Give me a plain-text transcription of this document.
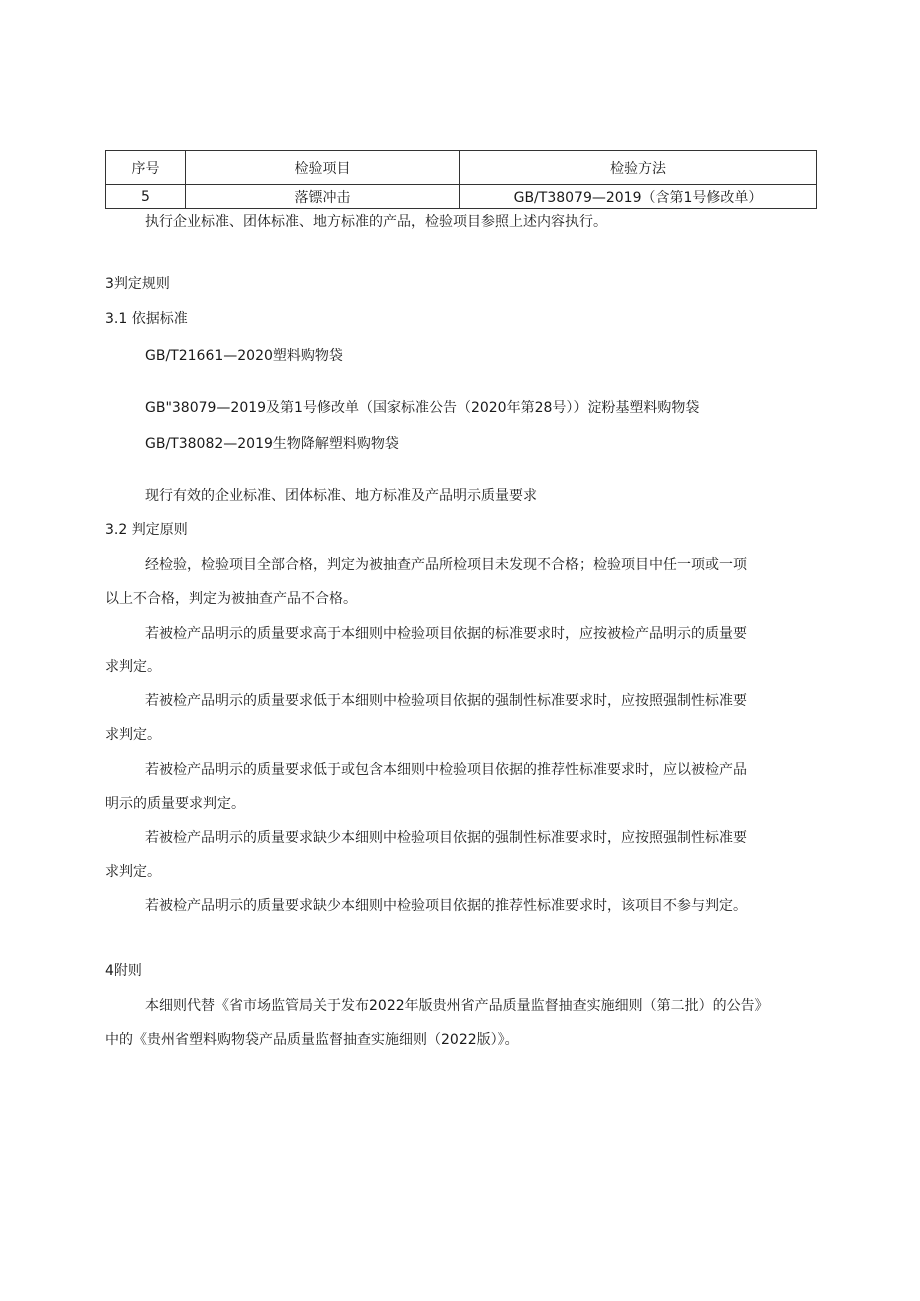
序号	检验项目	检验方法
5	落镖冲击	GB/T38079—2019（含第1号修改单）
执行企业标准、团体标准、地方标准的产品，检验项目参照上述内容执行。
3判定规则
3.1 依据标准
GB/T21661—2020塑料购物袋
GB"38079—2019及第1号修改单（国家标准公告（2020年第28号））淀粉基塑料购物袋
GB/T38082—2019生物降解塑料购物袋
现行有效的企业标准、团体标准、地方标准及产品明示质量要求
3.2 判定原则
经检验，检验项目全部合格，判定为被抽查产品所检项目未发现不合格；检验项目中任一项或一项
以上不合格，判定为被抽查产品不合格。
若被检产品明示的质量要求高于本细则中检验项目依据的标准要求时，应按被检产品明示的质量要
求判定。
若被检产品明示的质量要求低于本细则中检验项目依据的强制性标准要求时，应按照强制性标准要
求判定。
若被检产品明示的质量要求低于或包含本细则中检验项目依据的推荐性标准要求时，应以被检产品
明示的质量要求判定。
若被检产品明示的质量要求缺少本细则中检验项目依据的强制性标准要求时，应按照强制性标准要
求判定。
若被检产品明示的质量要求缺少本细则中检验项目依据的推荐性标准要求时，该项目不参与判定。
4附则
本细则代替《省市场监管局关于发布2022年版贵州省产品质量监督抽查实施细则（第二批）的公告》
中的《贵州省塑料购物袋产品质量监督抽查实施细则（2022版）》。
